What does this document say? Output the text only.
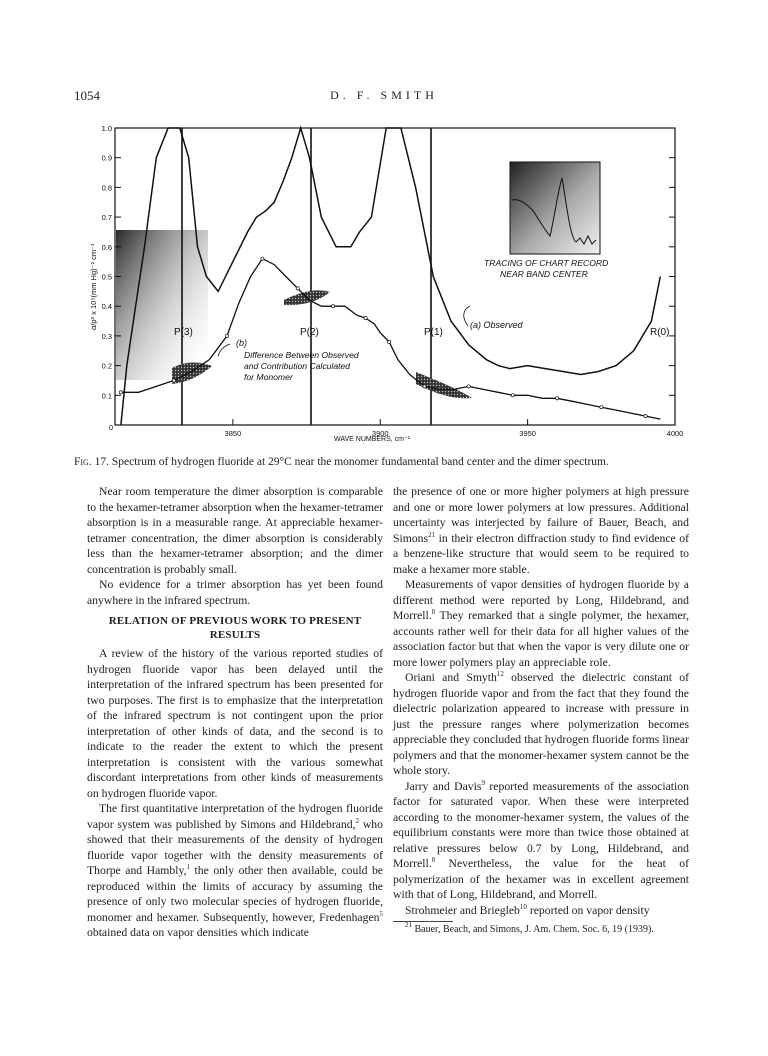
1054	D. F. SMITH
0.1
0.2
0.3
0.4
0.5
0.6
0.7
0.8
0.9
1.0
0
3850	3900	3950	4000
P(3)	P(2)	P(1)	R(0)
(a) Observed
(b)
Difference Between Observed
and Contribution Calculated
for Monomer
TRACING OF CHART RECORD
NEAR BAND CENTER
α/p² x 10⁵(mm Hg)⁻² cm⁻¹
WAVE NUMBERS, cm⁻¹
Fig. 17. Spectrum of hydrogen fluoride at 29°C near the monomer fundamental band center and the dimer spectrum.

Near room temperature the dimer absorption is comparable to the hexamer-tetramer absorption when the hexamer-tetramer absorption is in a measurable range. At appreciable hexamer-tetramer concentration, the dimer absorption is considerably less than the hexamer-tetramer absorption; and the dimer concentration is probably small.

No evidence for a trimer absorption has yet been found anywhere in the infrared spectrum.

RELATION OF PREVIOUS WORK TO PRESENT RESULTS

A review of the history of the various reported studies of hydrogen fluoride vapor has been delayed until the interpretation of the infrared spectrum has been presented for two purposes. The first is to emphasize that the interpretation of the infrared spectrum is not contingent upon the prior interpretation of other kinds of data, and the second is to indicate to the reader the extent to which the present interpretation is consistent with the various somewhat discordant interpretations from other kinds of measurements on hydrogen fluoride vapor.

The first quantitative interpretation of the hydrogen fluoride vapor system was published by Simons and Hildebrand,$^2$ who showed that their measurements of the density of hydrogen fluoride vapor together with the density measurements of Thorpe and Hambly,$^1$ the only other then available, could be reproduced within the limits of accuracy by assuming the presence of only two molecular species of hydrogen fluoride, monomer and hexamer. Subsequently, however, Fredenhagen$^5$ obtained data on vapor densities which indicate

the presence of one or more higher polymers at high pressure and one or more lower polymers at low pressures. Additional uncertainty was interjected by failure of Bauer, Beach, and Simons$^{21}$ in their electron diffraction study to find evidence of a benzene-like structure that would seem to be required to make a hexamer more stable.

Measurements of vapor densities of hydrogen fluoride by a different method were reported by Long, Hildebrand, and Morrell.$^8$ They remarked that a single polymer, the hexamer, accounts rather well for their data for all higher values of the association factor but that when the vapor is very dilute one or more lower polymers play an appreciable role.

Oriani and Smyth$^{12}$ observed the dielectric constant of hydrogen fluoride vapor and from the fact that they found the dielectric polarization appeared to increase with pressure in just the pressure ranges where polymerization becomes appreciable they concluded that hydrogen fluoride forms linear polymers and that the monomer-hexamer system cannot be the whole story.

Jarry and Davis$^9$ reported measurements of the association factor for saturated vapor. When these were interpreted according to the monomer-hexamer system, the values of the equilibrium constants were more than twice those obtained at relative pressures below 0.7 by Long, Hildebrand, and Morrell.$^8$ Nevertheless, the value for the heat of polymerization of the hexamer was in excellent agreement with that of Long, Hildebrand, and Morrell.

Strohmeier and Briegleb$^{10}$ reported on vapor density

$^{21}$ Bauer, Beach, and Simons, J. Am. Chem. Soc. 6, 19 (1939).
